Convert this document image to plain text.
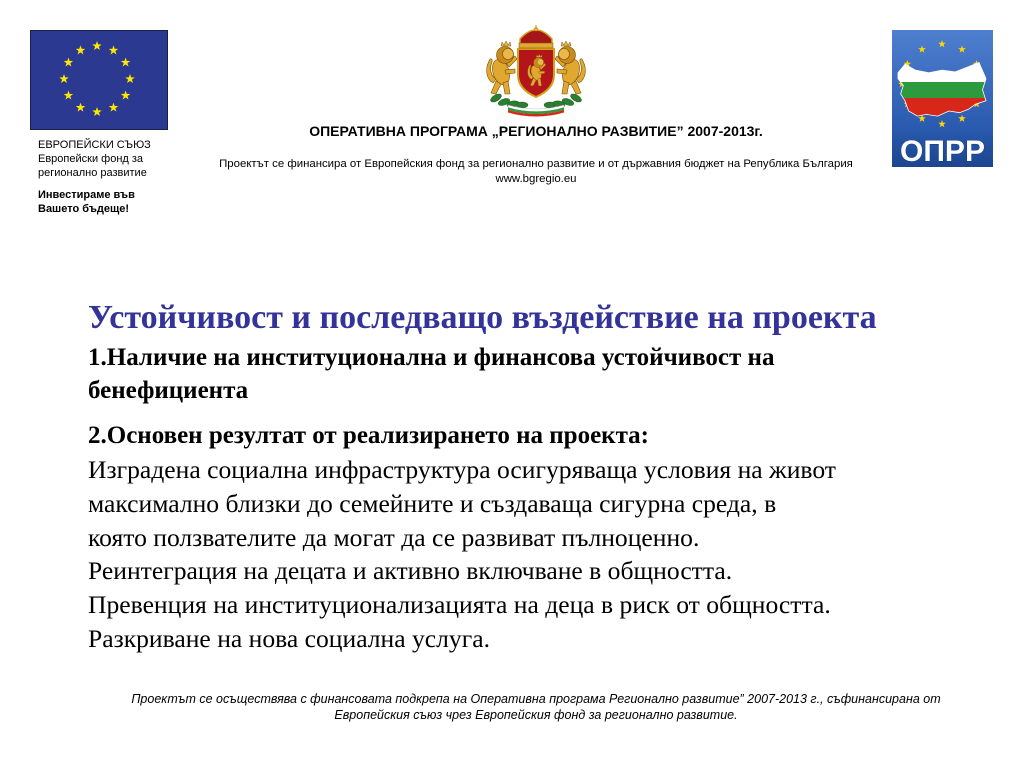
ЕВРОПЕЙСКИ СЪЮЗ
Европейски фонд за
регионално развитие
Инвестираме във
Вашето бъдеще!
ОПЕРАТИВНА ПРОГРАМА „РЕГИОНАЛНО РАЗВИТИЕ” 2007-2013г.
Проектът се финансира от Европейския фонд за регионално развитие и от държавния бюджет на Република България
www.bgregio.eu
ОПРР
Устойчивост и последващо въздействие на проекта
1.Наличие на институционална и финансова устойчивост на
бенефициента
2.Основен резултат от реализирането на проекта:
Изградена социална инфраструктура осигуряваща условия на живот
максимално близки до семейните и създаваща сигурна среда, в
която ползвателите да могат да се развиват пълноценно.
Реинтеграция на децата и активно включване в общността.
Превенция на институционализацията на деца в риск от общността.
Разкриване на нова социална услуга.
Проектът се осъществява с финансовата подкрепа на Оперативна програма Регионално развитие” 2007-2013 г., съфинансирана от
Европейския съюз чрез Европейския фонд за регионално развитие.
